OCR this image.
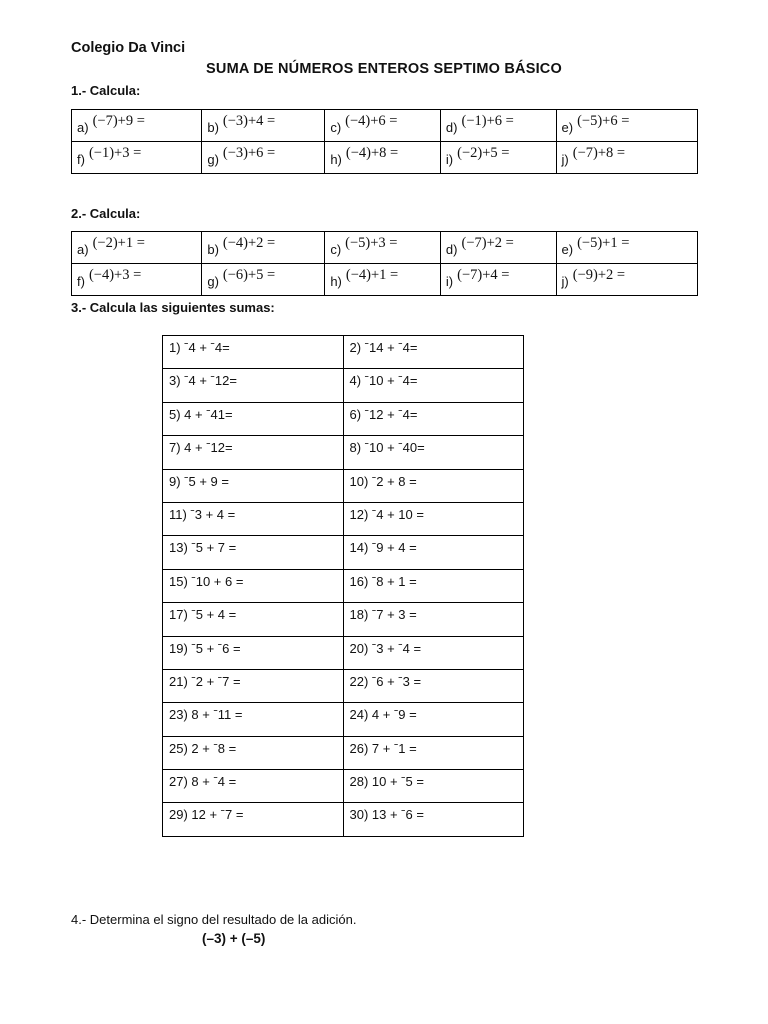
Colegio Da Vinci
SUMA DE NÚMEROS ENTEROS SEPTIMO BÁSICO
1.- Calcula:
a) (−7)+9 =	b) (−3)+4 =	c) (−4)+6 =	d) (−1)+6 =	e) (−5)+6 =
f) (−1)+3 =	g) (−3)+6 =	h) (−4)+8 =	i) (−2)+5 =	j) (−7)+8 =
2.- Calcula:
a) (−2)+1 =	b) (−4)+2 =	c) (−5)+3 =	d) (−7)+2 =	e) (−5)+1 =
f) (−4)+3 =	g) (−6)+5 =	h) (−4)+1 =	i) (−7)+4 =	j) (−9)+2 =
3.- Calcula las siguientes sumas:
1) ˉ4 + ˉ4=	2) ˉ14 + ˉ4=
3) ˉ4 + ˉ12=	4) ˉ10 + ˉ4=
5) 4 + ˉ41=	6) ˉ12 + ˉ4=
7) 4 + ˉ12=	8) ˉ10 + ˉ40=
9) ˉ5 + 9 =	10) ˉ2 + 8 =
11) ˉ3 + 4 =	12) ˉ4 + 10 =
13) ˉ5 + 7 =	14) ˉ9 + 4 =
15) ˉ10 + 6 =	16) ˉ8 + 1 =
17) ˉ5 + 4 =	18) ˉ7 + 3 =
19) ˉ5 + ˉ6 =	20) ˉ3 + ˉ4 =
21) ˉ2 + ˉ7 =	22) ˉ6 + ˉ3 =
23) 8 + ˉ11 =	24) 4 + ˉ9 =
25) 2 + ˉ8 =	26) 7 + ˉ1 =
27) 8 + ˉ4 =	28) 10 + ˉ5 =
29) 12 + ˉ7 =	30) 13 + ˉ6 =
4.- Determina el signo del resultado de la adición.
(–3) + (–5)
